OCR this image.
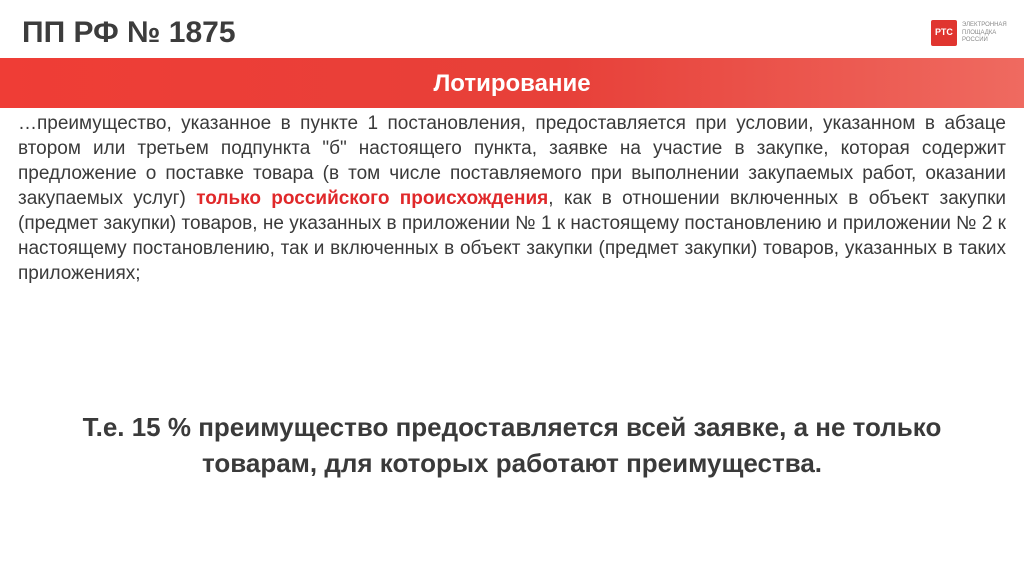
ПП РФ № 1875	РТС
ЭЛЕКТРОННАЯ
ПЛОЩАДКА
РОССИИ
Лотирование
…преимущество, указанное в пункте 1 постановления, предоставляется при условии, указанном в абзаце втором или третьем подпункта "б" настоящего пункта, заявке на участие в закупке, которая содержит предложение о поставке товара (в том числе поставляемого при выполнении закупаемых работ, оказании закупаемых услуг) только российского происхождения, как в отношении включенных в объект закупки (предмет закупки) товаров, не указанных в приложении № 1 к настоящему постановлению и приложении № 2 к настоящему постановлению, так и включенных в объект закупки (предмет закупки) товаров, указанных в таких приложениях;
Т.е. 15 % преимущество предоставляется всей заявке, а не только товарам, для которых работают преимущества.
